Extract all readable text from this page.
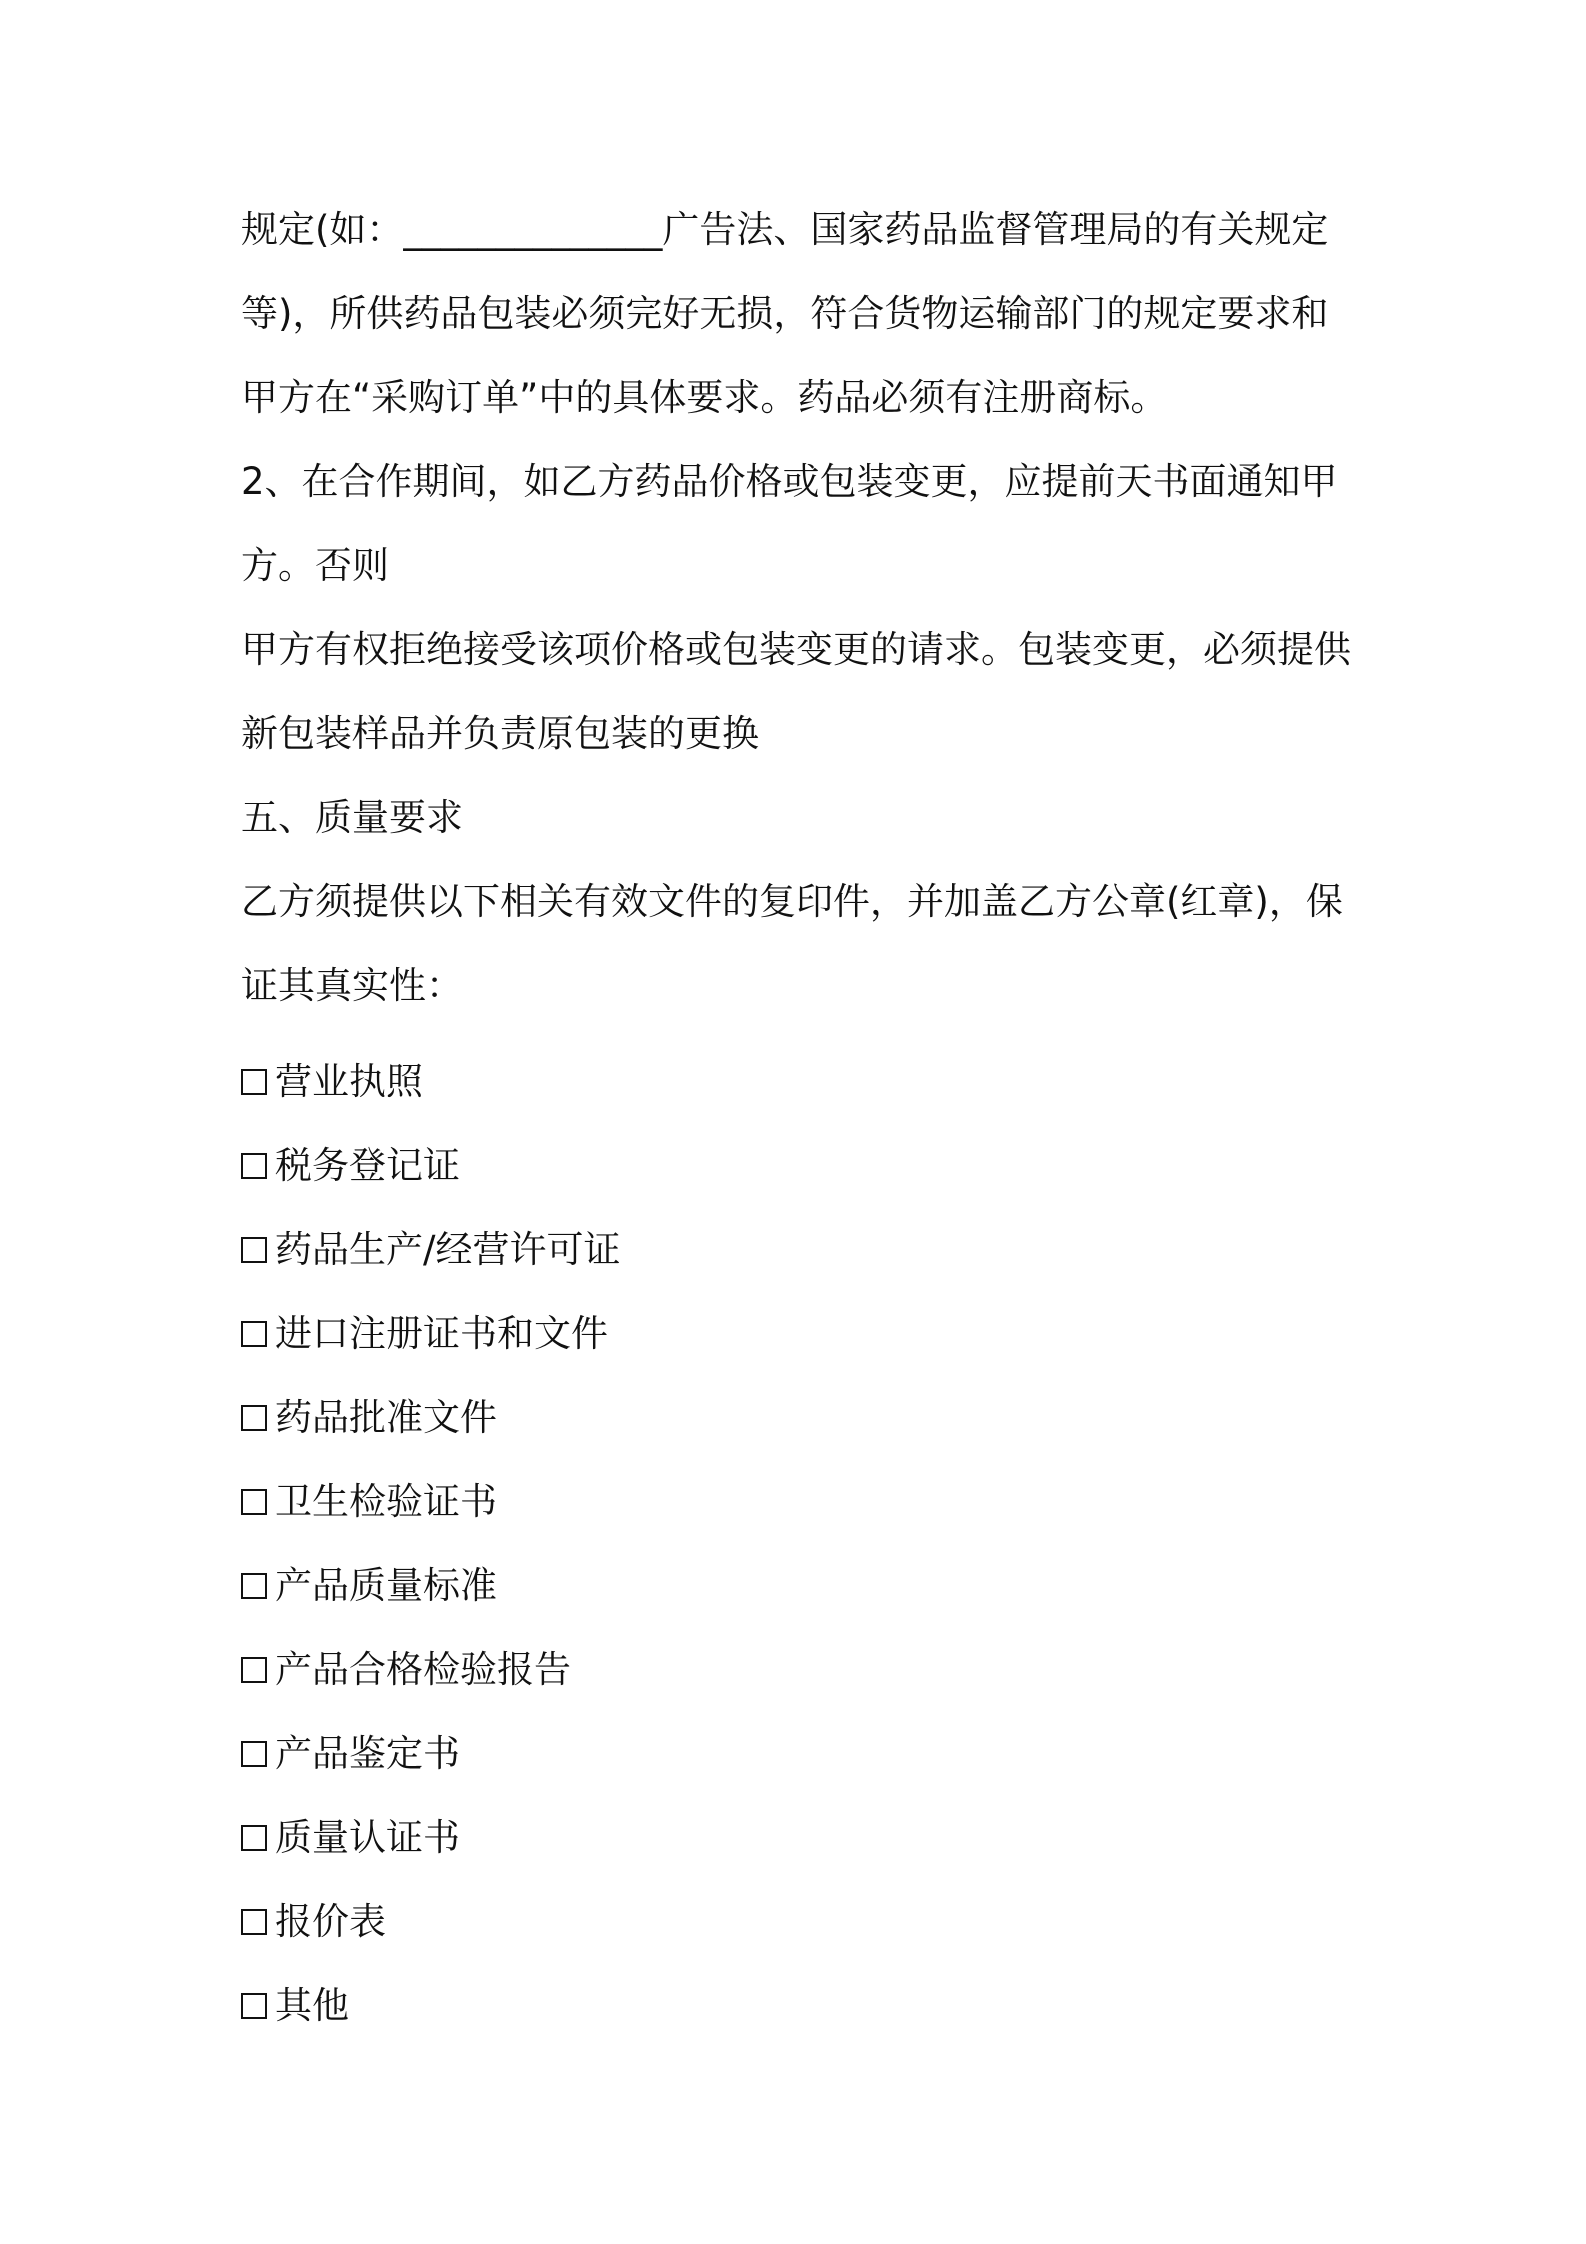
规定(如：______________广告法、国家药品监督管理局的有关规定
等)，所供药品包装必须完好无损，符合货物运输部门的规定要求和
甲方在“采购订单”中的具体要求。药品必须有注册商标。
2、在合作期间，如乙方药品价格或包装变更，应提前天书面通知甲
方。否则
甲方有权拒绝接受该项价格或包装变更的请求。包装变更，必须提供
新包装样品并负责原包装的更换
五、质量要求
乙方须提供以下相关有效文件的复印件，并加盖乙方公章(红章)，保
证其真实性：
营业执照
税务登记证
药品生产/经营许可证
进口注册证书和文件
药品批准文件
卫生检验证书
产品质量标准
产品合格检验报告
产品鉴定书
质量认证书
报价表
其他
